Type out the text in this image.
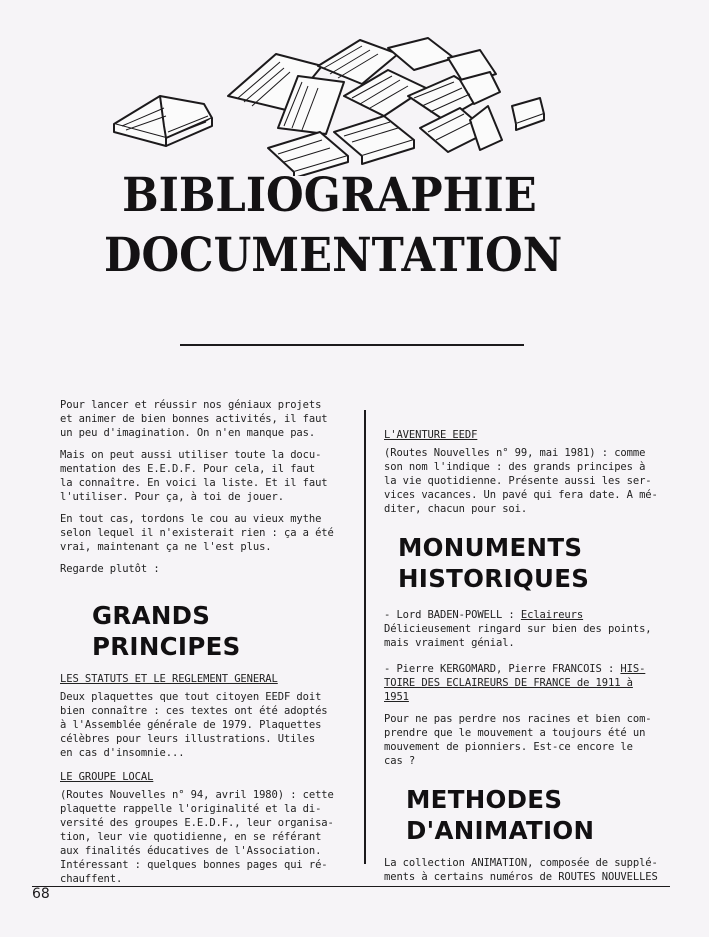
BIBLIOGRAPHIE
DOCUMENTATION

Pour lancer et réussir nos géniaux projets
et animer de bien bonnes activités, il faut
un peu d'imagination. On n'en manque pas.

Mais on peut aussi utiliser toute la docu-
mentation des E.E.D.F. Pour cela, il faut
la connaître. En voici la liste. Et il faut
l'utiliser. Pour ça, à toi de jouer.

En tout cas, tordons le cou au vieux mythe
selon lequel il n'existerait rien : ça a été
vrai, maintenant ça ne l'est plus.

Regarde plutôt :

GRANDS
PRINCIPES

LES STATUTS ET LE REGLEMENT GENERAL

Deux plaquettes que tout citoyen EEDF doit
bien connaître : ces textes ont été adoptés
à l'Assemblée générale de 1979. Plaquettes
célèbres pour leurs illustrations. Utiles
en cas d'insomnie...

LE GROUPE LOCAL

(Routes Nouvelles n° 94, avril 1980) : cette
plaquette rappelle l'originalité et la di-
versité des groupes E.E.D.F., leur organisa-
tion, leur vie quotidienne, en se référant
aux finalités éducatives de l'Association.
Intéressant : quelques bonnes pages qui ré-
chauffent.

L'AVENTURE EEDF

(Routes Nouvelles n° 99, mai 1981) : comme
son nom l'indique : des grands principes à
la vie quotidienne. Présente aussi les ser-
vices vacances. Un pavé qui fera date. A mé-
diter, chacun pour soi.

MONUMENTS
HISTORIQUES

- Lord BADEN-POWELL : Eclaireurs
Délicieusement ringard sur bien des points,
mais vraiment génial.

- Pierre KERGOMARD, Pierre FRANCOIS : HIS-
TOIRE DES ECLAIREURS DE FRANCE de 1911 à
1951

Pour ne pas perdre nos racines et bien com-
prendre que le mouvement a toujours été un
mouvement de pionniers. Est-ce encore le
cas ?

METHODES
D'ANIMATION

La collection ANIMATION, composée de supplé-
ments à certains numéros de ROUTES NOUVELLES

68
